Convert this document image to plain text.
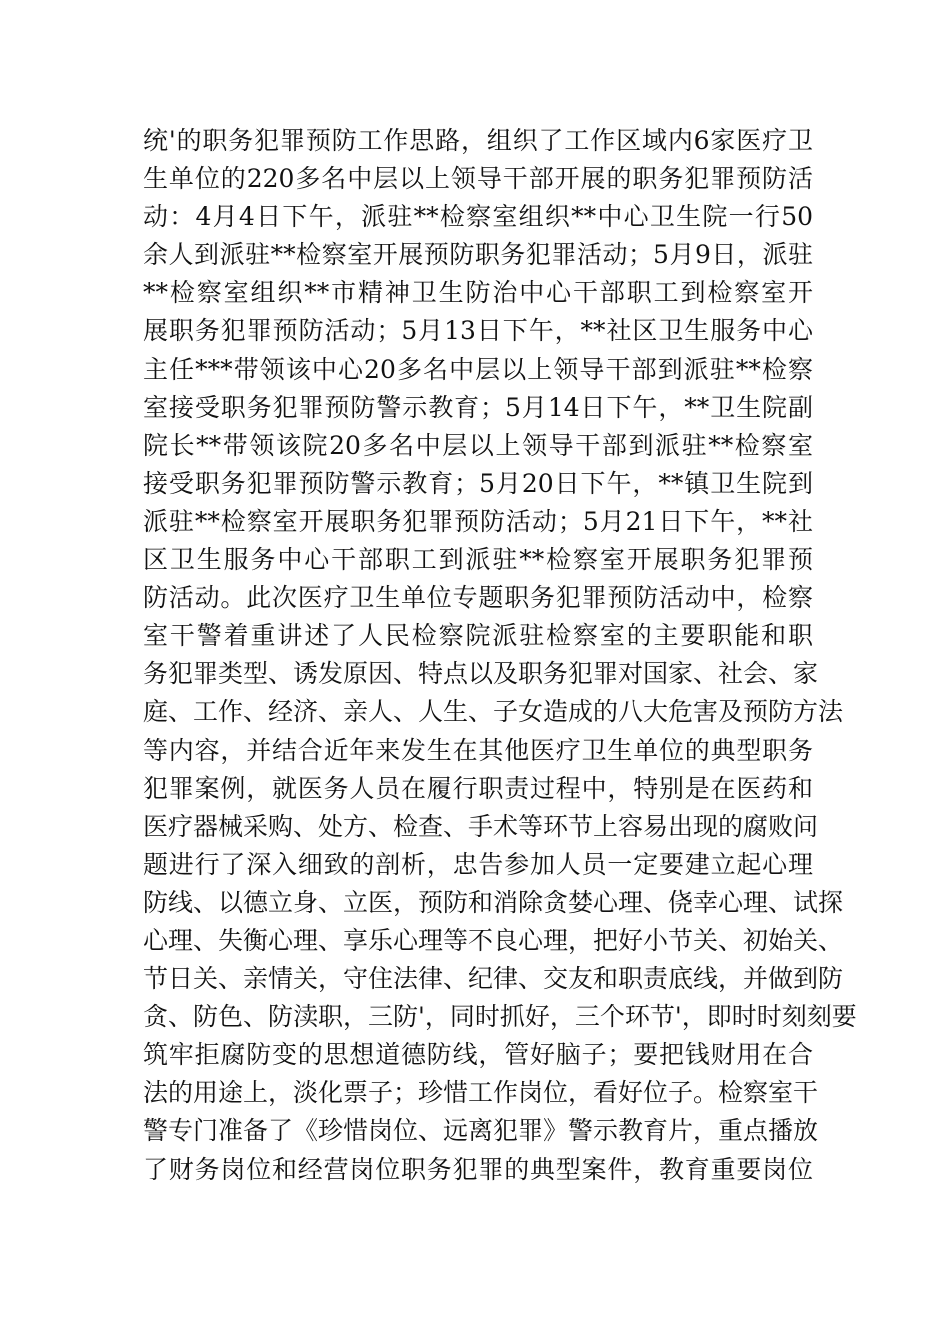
统'的职务犯罪预防工作思路，组织了工作区域内6家医疗卫
生单位的220多名中层以上领导干部开展的职务犯罪预防活
动：4月4日下午，派驻**检察室组织**中心卫生院一行50
余人到派驻**检察室开展预防职务犯罪活动；5月9日，派驻
**检察室组织**市精神卫生防治中心干部职工到检察室开
展职务犯罪预防活动；5月13日下午，**社区卫生服务中心
主任***带领该中心20多名中层以上领导干部到派驻**检察
室接受职务犯罪预防警示教育；5月14日下午，**卫生院副
院长**带领该院20多名中层以上领导干部到派驻**检察室
接受职务犯罪预防警示教育；5月20日下午，**镇卫生院到
派驻**检察室开展职务犯罪预防活动；5月21日下午，**社
区卫生服务中心干部职工到派驻**检察室开展职务犯罪预
防活动。此次医疗卫生单位专题职务犯罪预防活动中，检察
室干警着重讲述了人民检察院派驻检察室的主要职能和职
务犯罪类型、诱发原因、特点以及职务犯罪对国家、社会、家
庭、工作、经济、亲人、人生、子女造成的八大危害及预防方法
等内容，并结合近年来发生在其他医疗卫生单位的典型职务
犯罪案例，就医务人员在履行职责过程中，特别是在医药和
医疗器械采购、处方、检查、手术等环节上容易出现的腐败问
题进行了深入细致的剖析，忠告参加人员一定要建立起心理
防线、以德立身、立医，预防和消除贪婪心理、侥幸心理、试探
心理、失衡心理、享乐心理等不良心理，把好小节关、初始关、
节日关、亲情关，守住法律、纪律、交友和职责底线，并做到防
贪、防色、防渎职，三防'，同时抓好，三个环节'，即时时刻刻要
筑牢拒腐防变的思想道德防线，管好脑子；要把钱财用在合
法的用途上，淡化票子；珍惜工作岗位，看好位子。检察室干
警专门准备了《珍惜岗位、远离犯罪》警示教育片，重点播放
了财务岗位和经营岗位职务犯罪的典型案件，教育重要岗位
